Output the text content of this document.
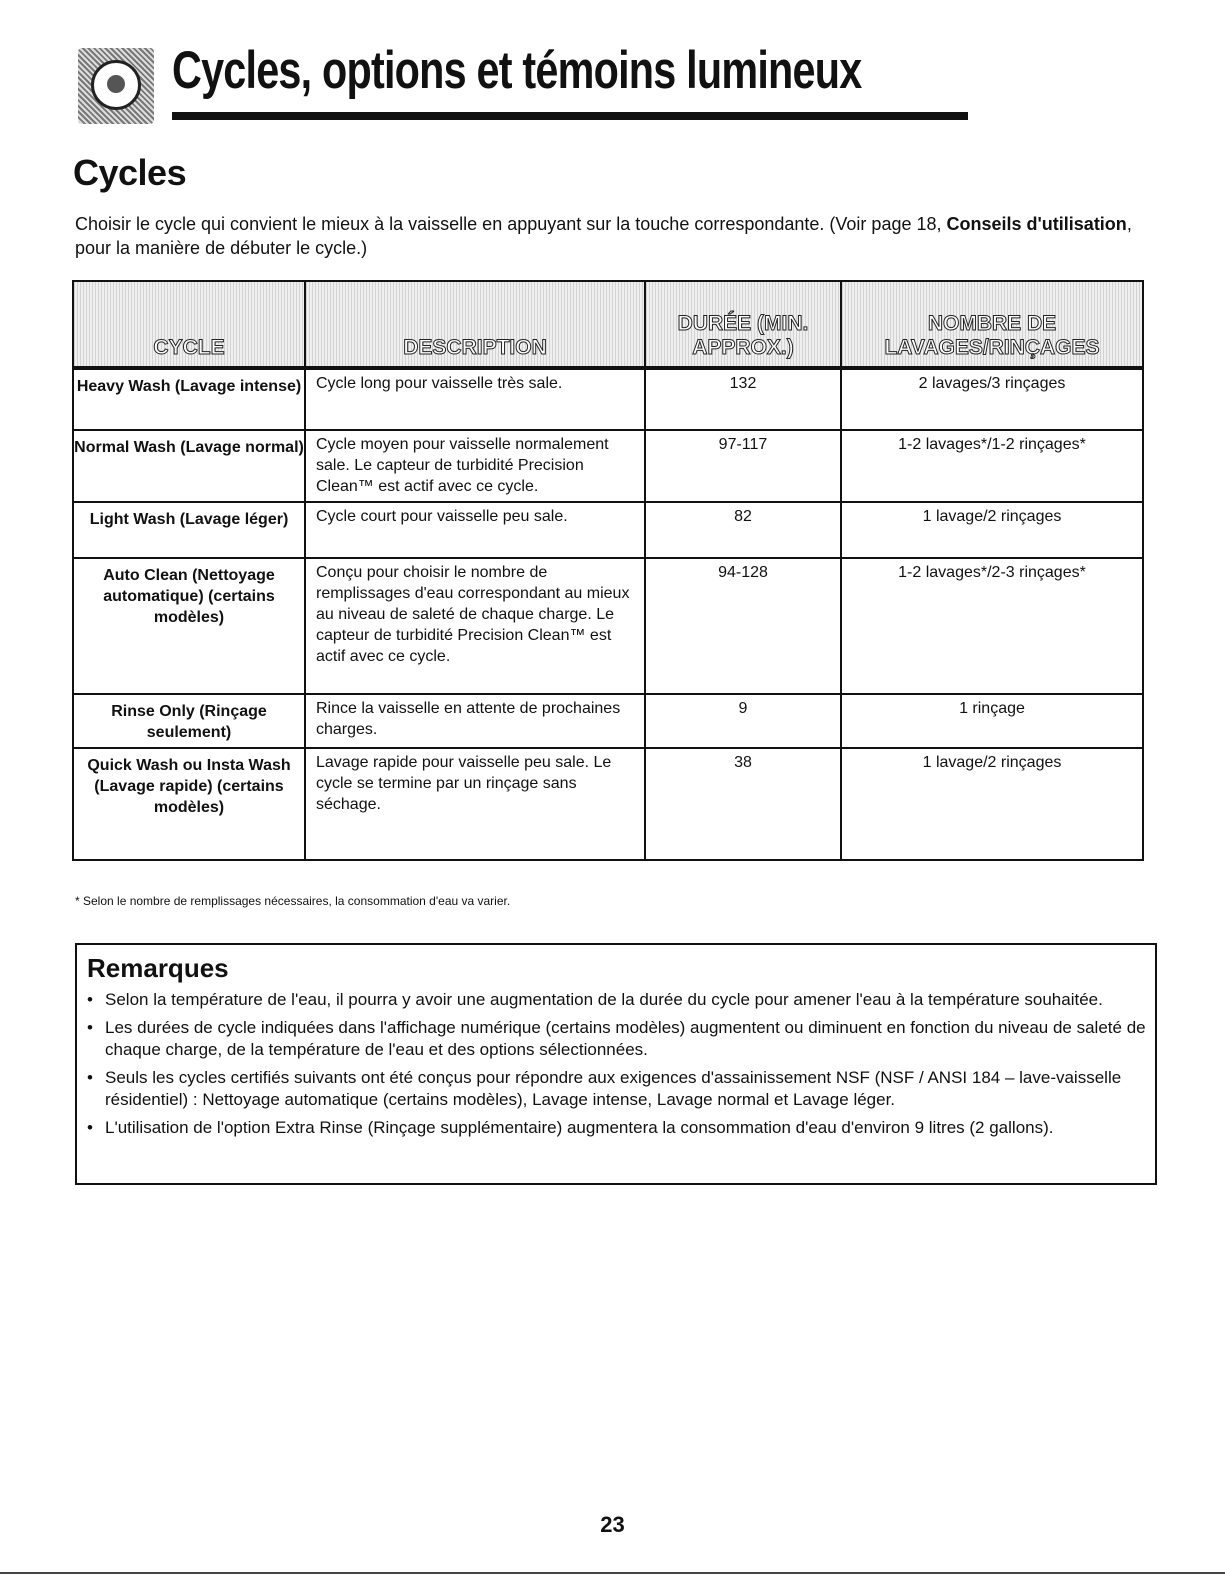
Cycles, options et témoins lumineux
Cycles

Choisir le cycle qui convient le mieux à la vaisselle en appuyant sur la touche correspondante. (Voir page 18, Conseils d'utilisation, pour la manière de débuter le cycle.)

CYCLE	DESCRIPTION	DURÉE (MIN. APPROX.)	NOMBRE DE LAVAGES/RINÇAGES
Heavy Wash (Lavage intense)	Cycle long pour vaisselle très sale.	132	2 lavages/3 rinçages
Normal Wash (Lavage normal)	Cycle moyen pour vaisselle normalement sale. Le capteur de turbidité Precision Clean™ est actif avec ce cycle.	97-117	1-2 lavages*/1-2 rinçages*
Light Wash (Lavage léger)	Cycle court pour vaisselle peu sale.	82	1 lavage/2 rinçages
Auto Clean (Nettoyage automatique) (certains modèles)	Conçu pour choisir le nombre de remplissages d'eau correspondant au mieux au niveau de saleté de chaque charge. Le capteur de turbidité Precision Clean™ est actif avec ce cycle.	94-128	1-2 lavages*/2-3 rinçages*
Rinse Only (Rinçage seulement)	Rince la vaisselle en attente de prochaines charges.	9	1 rinçage
Quick Wash ou Insta Wash (Lavage rapide) (certains modèles)	Lavage rapide pour vaisselle peu sale. Le cycle se termine par un rinçage sans séchage.	38	1 lavage/2 rinçages

* Selon le nombre de remplissages nécessaires, la consommation d'eau va varier.

Remarques
• Selon la température de l'eau, il pourra y avoir une augmentation de la durée du cycle pour amener l'eau à la température souhaitée.
• Les durées de cycle indiquées dans l'affichage numérique (certains modèles) augmentent ou diminuent en fonction du niveau de saleté de chaque charge, de la température de l'eau et des options sélectionnées.
• Seuls les cycles certifiés suivants ont été conçus pour répondre aux exigences d'assainissement NSF (NSF / ANSI 184 – lave-vaisselle résidentiel) : Nettoyage automatique (certains modèles), Lavage intense, Lavage normal et Lavage léger.
• L'utilisation de l'option Extra Rinse (Rinçage supplémentaire) augmentera la consommation d'eau d'environ 9 litres (2 gallons).
23
